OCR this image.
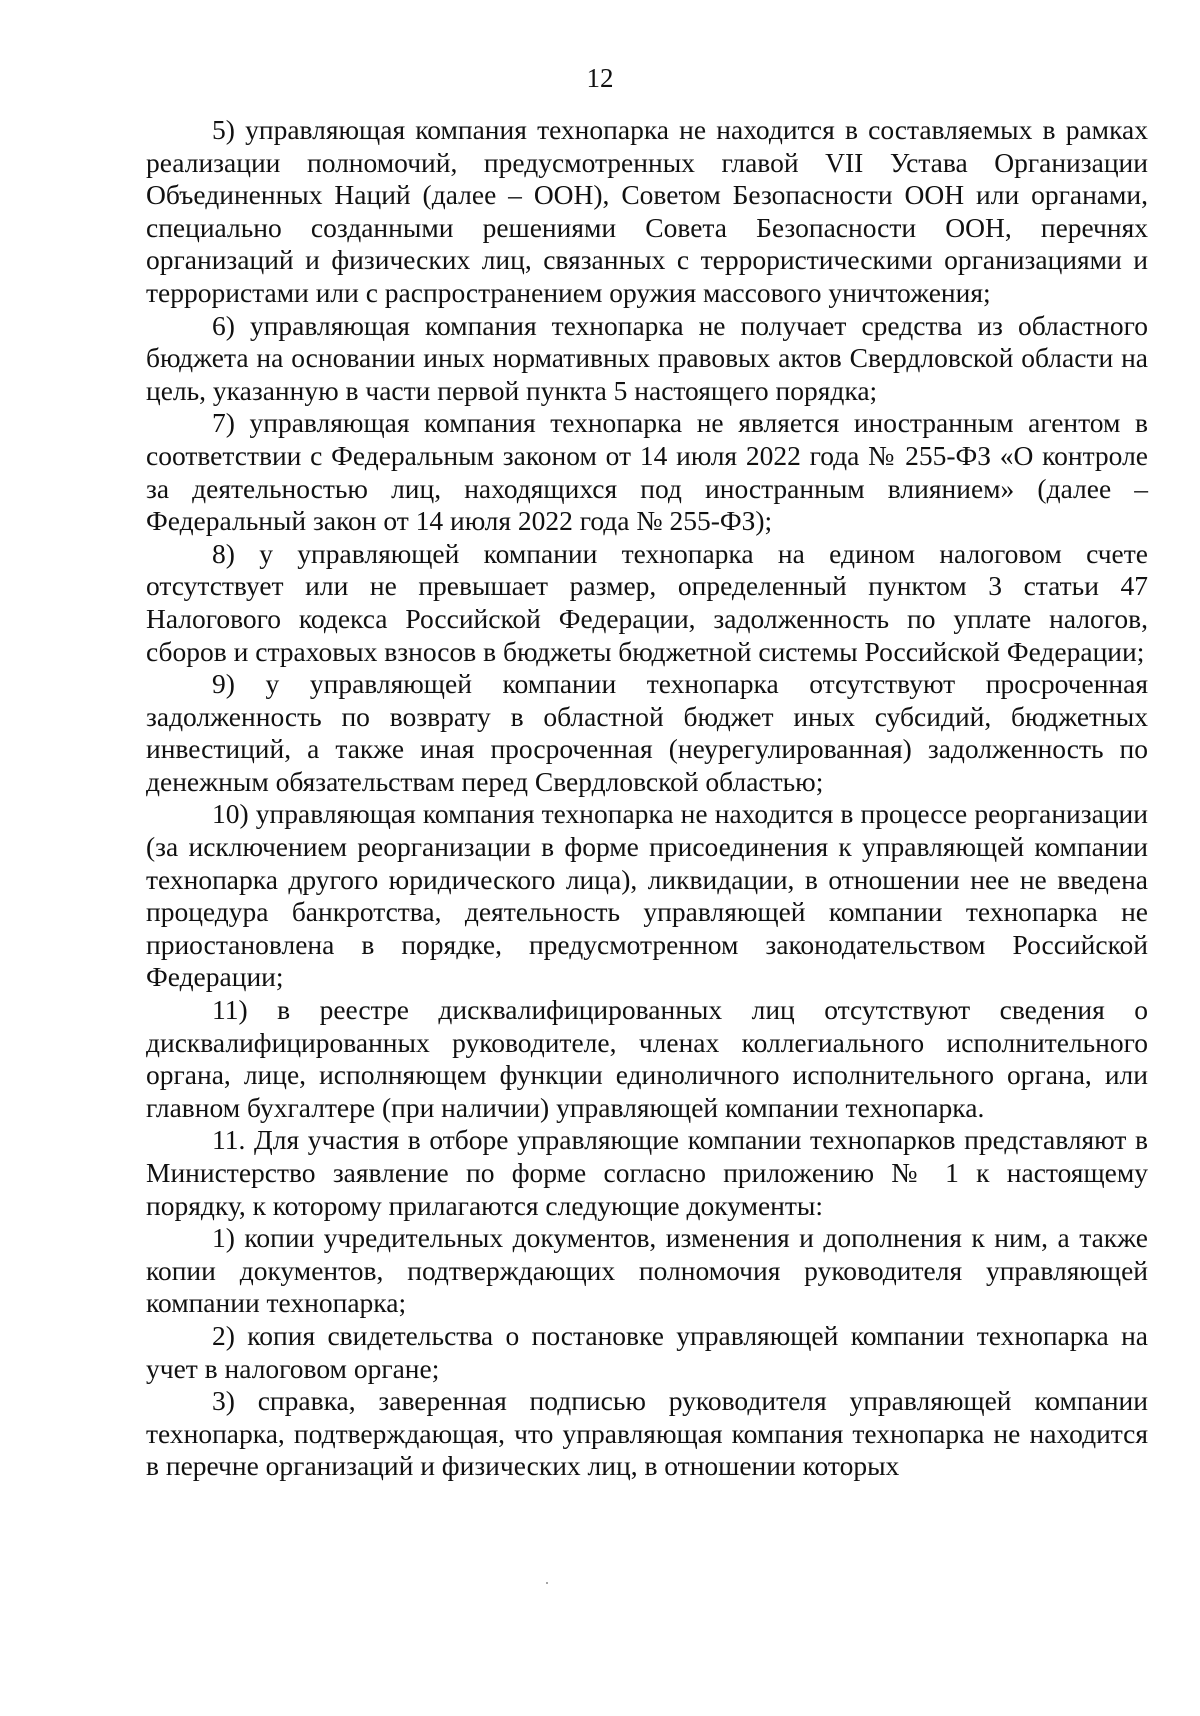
12

5) управляющая компания технопарка не находится в составляемых в рамках реализации полномочий, предусмотренных главой VII Устава Организации Объединенных Наций (далее – ООН), Советом Безопасности ООН или органами, специально созданными решениями Совета Безопасности ООН, перечнях организаций и физических лиц, связанных с террористическими организациями и террористами или с распространением оружия массового уничтожения;

6) управляющая компания технопарка не получает средства из областного бюджета на основании иных нормативных правовых актов Свердловской области на цель, указанную в части первой пункта 5 настоящего порядка;

7) управляющая компания технопарка не является иностранным агентом в соответствии с Федеральным законом от 14 июля 2022 года № 255-ФЗ «О контроле за деятельностью лиц, находящихся под иностранным влиянием» (далее – Федеральный закон от 14 июля 2022 года № 255-ФЗ);

8) у управляющей компании технопарка на едином налоговом счете отсутствует или не превышает размер, определенный пунктом 3 статьи 47 Налогового кодекса Российской Федерации, задолженность по уплате налогов, сборов и страховых взносов в бюджеты бюджетной системы Российской Федерации;

9) у управляющей компании технопарка отсутствуют просроченная задолженность по возврату в областной бюджет иных субсидий, бюджетных инвестиций, а также иная просроченная (неурегулированная) задолженность по денежным обязательствам перед Свердловской областью;

10) управляющая компания технопарка не находится в процессе реорганизации (за исключением реорганизации в форме присоединения к управляющей компании технопарка другого юридического лица), ликвидации, в отношении нее не введена процедура банкротства, деятельность управляющей компании технопарка не приостановлена в порядке, предусмотренном законодательством Российской Федерации;

11) в реестре дисквалифицированных лиц отсутствуют сведения о дисквалифицированных руководителе, членах коллегиального исполнительного органа, лице, исполняющем функции единоличного исполнительного органа, или главном бухгалтере (при наличии) управляющей компании технопарка.

11. Для участия в отборе управляющие компании технопарков представляют в Министерство заявление по форме согласно приложению № 1 к настоящему порядку, к которому прилагаются следующие документы:

1) копии учредительных документов, изменения и дополнения к ним, а также копии документов, подтверждающих полномочия руководителя управляющей компании технопарка;

2) копия свидетельства о постановке управляющей компании технопарка на учет в налоговом органе;

3) справка, заверенная подписью руководителя управляющей компании технопарка, подтверждающая, что управляющая компания технопарка не находится в перечне организаций и физических лиц, в отношении которых
